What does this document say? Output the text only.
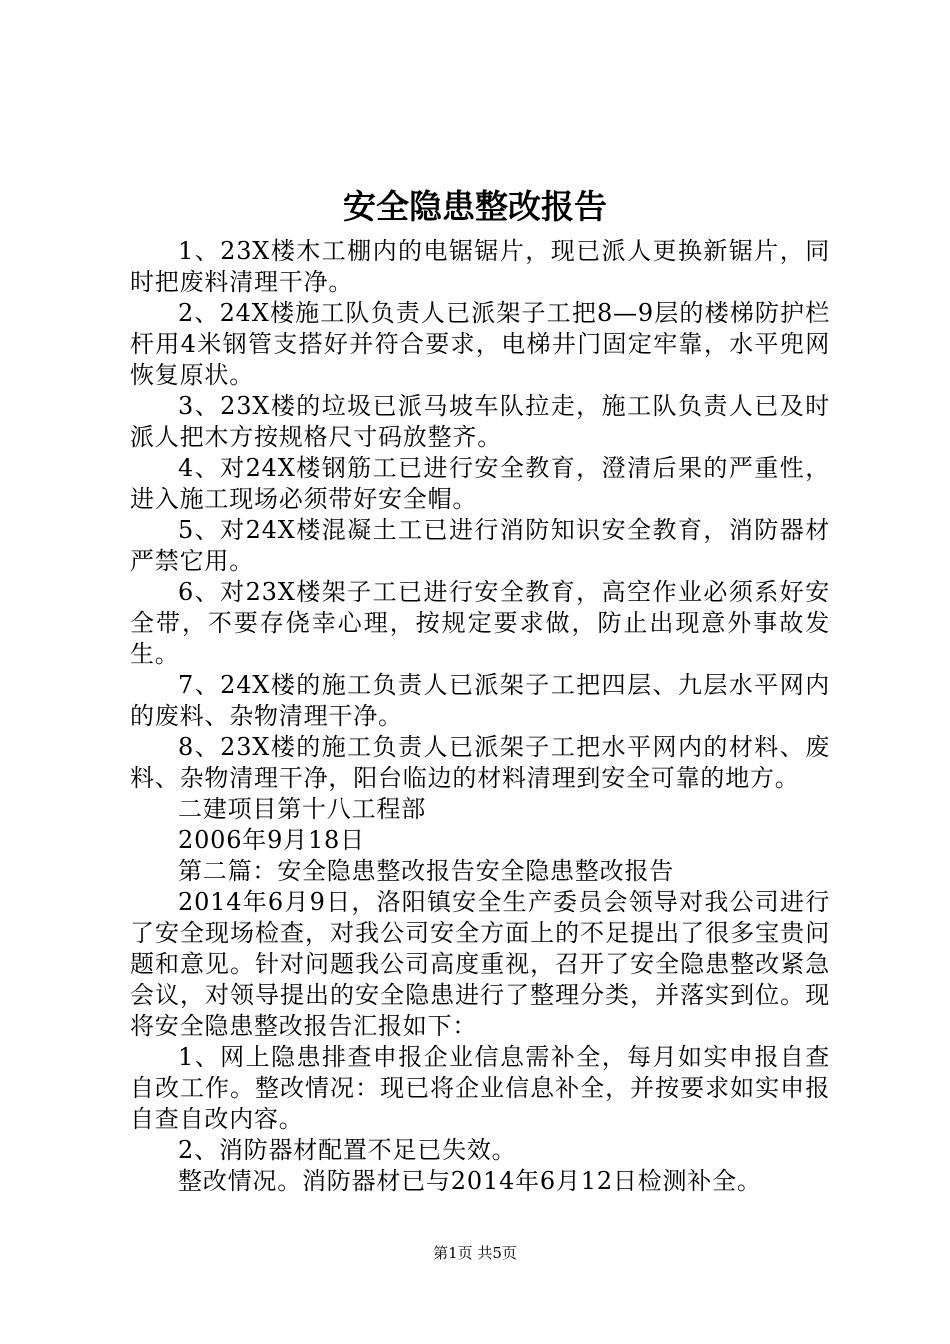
安全隐患整改报告

1、23X楼木工棚内的电锯锯片，现已派人更换新锯片，同时把废料清理干净。

2、24X楼施工队负责人已派架子工把8—9层的楼梯防护栏杆用4米钢管支搭好并符合要求，电梯井门固定牢靠，水平兜网恢复原状。

3、23X楼的垃圾已派马坡车队拉走，施工队负责人已及时派人把木方按规格尺寸码放整齐。

4、对24X楼钢筋工已进行安全教育，澄清后果的严重性，进入施工现场必须带好安全帽。

5、对24X楼混凝土工已进行消防知识安全教育，消防器材严禁它用。

6、对23X楼架子工已进行安全教育，高空作业必须系好安全带，不要存侥幸心理，按规定要求做，防止出现意外事故发生。

7、24X楼的施工负责人已派架子工把四层、九层水平网内的废料、杂物清理干净。

8、23X楼的施工负责人已派架子工把水平网内的材料、废料、杂物清理干净，阳台临边的材料清理到安全可靠的地方。

二建项目第十八工程部

2006年9月18日

第二篇：安全隐患整改报告安全隐患整改报告

2014年6月9日，洛阳镇安全生产委员会领导对我公司进行了安全现场检查，对我公司安全方面上的不足提出了很多宝贵问题和意见。针对问题我公司高度重视，召开了安全隐患整改紧急会议，对领导提出的安全隐患进行了整理分类，并落实到位。现将安全隐患整改报告汇报如下：

1、网上隐患排查申报企业信息需补全，每月如实申报自查自改工作。整改情况：现已将企业信息补全，并按要求如实申报自查自改内容。

2、消防器材配置不足已失效。

整改情况。消防器材已与2014年6月12日检测补全。

第1页 共5页
